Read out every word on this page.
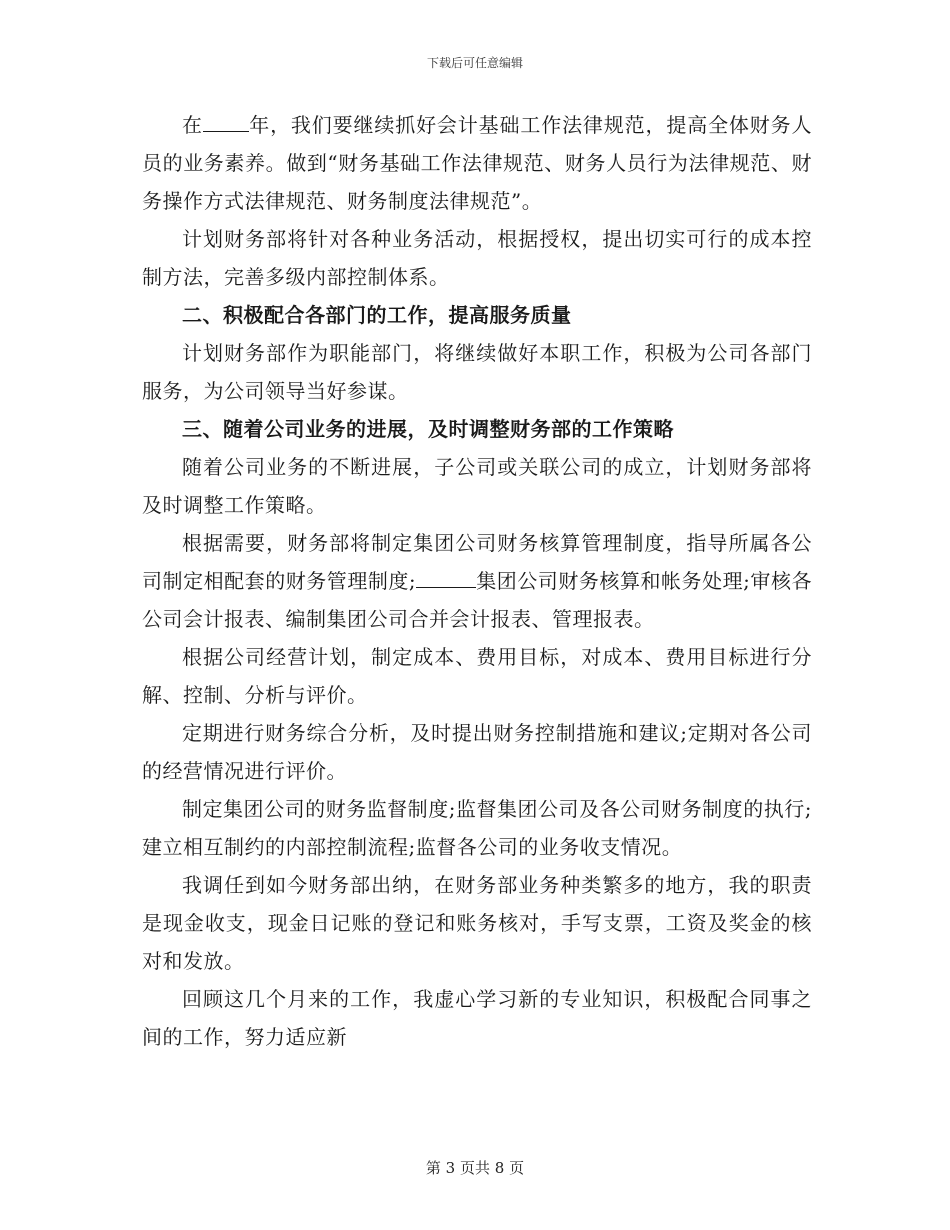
下载后可任意编辑

在 年，我们要继续抓好会计基础工作法律规范，提高全体财务人员的业务素养。做到“财务基础工作法律规范、财务人员行为法律规范、财务操作方式法律规范、财务制度法律规范”。

计划财务部将针对各种业务活动，根据授权，提出切实可行的成本控制方法，完善多级内部控制体系。

二、积极配合各部门的工作，提高服务质量

计划财务部作为职能部门，将继续做好本职工作，积极为公司各部门服务，为公司领导当好参谋。

三、随着公司业务的进展，及时调整财务部的工作策略

随着公司业务的不断进展，子公司或关联公司的成立，计划财务部将及时调整工作策略。

根据需要，财务部将制定集团公司财务核算管理制度，指导所属各公司制定相配套的财务管理制度;	集团公司财务核算和帐务处理;审核各公司会计报表、编制集团公司合并会计报表、管理报表。

根据公司经营计划，制定成本、费用目标，对成本、费用目标进行分解、控制、分析与评价。

定期进行财务综合分析，及时提出财务控制措施和建议;定期对各公司的经营情况进行评价。

制定集团公司的财务监督制度;监督集团公司及各公司财务制度的执行;建立相互制约的内部控制流程;监督各公司的业务收支情况。

我调任到如今财务部出纳，在财务部业务种类繁多的地方，我的职责是现金收支，现金日记账的登记和账务核对，手写支票，工资及奖金的核对和发放。

回顾这几个月来的工作，我虚心学习新的专业知识，积极配合同事之间的工作，努力适应新

第 3 页共 8 页
